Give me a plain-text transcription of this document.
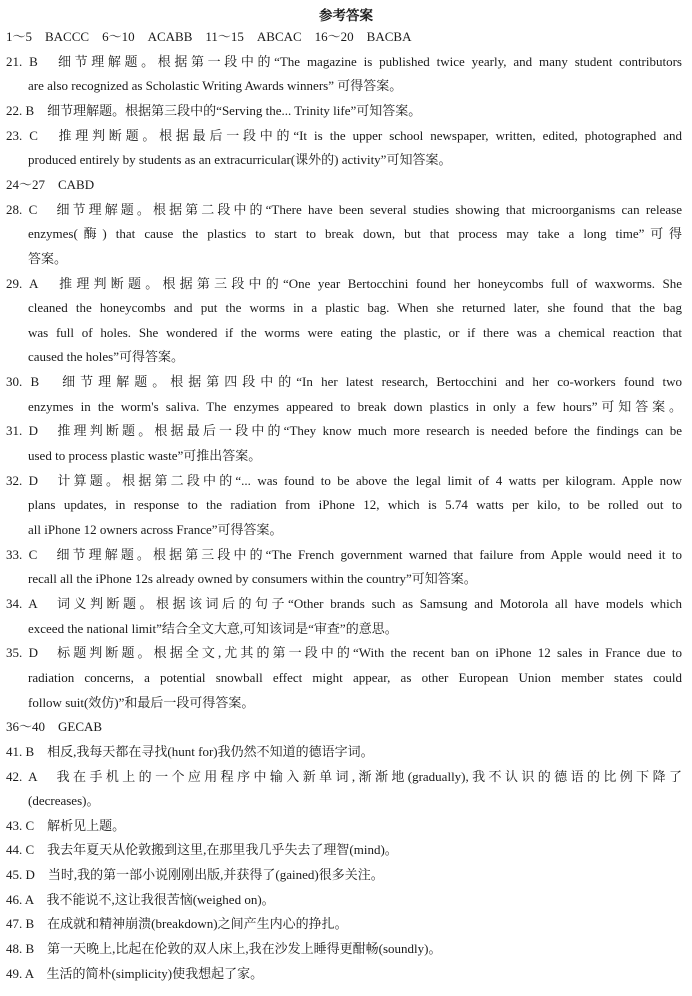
参考答案
1～5　BACCC　6～10　ACABB　11～15　ABCAC　16～20　BACBA
21. B　细节理解题。根据第一段中的“The magazine is published twice yearly, and many student contributors
are also recognized as Scholastic Writing Awards winners” 可得答案。
22. B　细节理解题。根据第三段中的“Serving the... Trinity life”可知答案。
23. C　推理判断题。根据最后一段中的“It is the upper school newspaper, written, edited, photographed and
produced entirely by students as an extracurricular(课外的) activity”可知答案。
24～27　CABD
28. C　细节理解题。根据第二段中的“There have been several studies showing that microorganisms can release
enzymes(酶) that cause the plastics to start to break down, but that process may take a long time”可得
答案。
29. A　推理判断题。根据第三段中的“One year Bertocchini found her honeycombs full of waxworms. She
cleaned the honeycombs and put the worms in a plastic bag. When she returned later, she found that the bag
was full of holes. She wondered if the worms were eating the plastic, or if there was a chemical reaction that
caused the holes”可得答案。
30. B　细节理解题。根据第四段中的“In her latest research, Bertocchini and her co-workers found two
enzymes in the worm's saliva. The enzymes appeared to break down plastics in only a few hours”可知答案。
31. D　推理判断题。根据最后一段中的“They know much more research is needed before the findings can be
used to process plastic waste”可推出答案。
32. D　计算题。根据第二段中的“... was found to be above the legal limit of 4 watts per kilogram. Apple now
plans updates, in response to the radiation from iPhone 12, which is 5.74 watts per kilo, to be rolled out to
all iPhone 12 owners across France”可得答案。
33. C　细节理解题。根据第三段中的“The French government warned that failure from Apple would need it to
recall all the iPhone 12s already owned by consumers within the country”可知答案。
34. A　词义判断题。根据该词后的句子“Other brands such as Samsung and Motorola all have models which
exceed the national limit”结合全文大意,可知该词是“审查”的意思。
35. D　标题判断题。根据全文,尤其的第一段中的“With the recent ban on iPhone 12 sales in France due to
radiation concerns, a potential snowball effect might appear, as other European Union member states could
follow suit(效仿)”和最后一段可得答案。
36～40　GECAB
41. B　相反,我每天都在寻找(hunt for)我仍然不知道的德语字词。
42. A　我在手机上的一个应用程序中输入新单词,渐渐地(gradually),我不认识的德语的比例下降了
(decreases)。
43. C　解析见上题。
44. C　我去年夏天从伦敦搬到这里,在那里我几乎失去了理智(mind)。
45. D　当时,我的第一部小说刚刚出版,并获得了(gained)很多关注。
46. A　我不能说不,这让我很苦恼(weighed on)。
47. B　在成就和精神崩溃(breakdown)之间产生内心的挣扎。
48. B　第一天晚上,比起在伦敦的双人床上,我在沙发上睡得更酣畅(soundly)。
49. A　生活的简朴(simplicity)使我想起了家。
